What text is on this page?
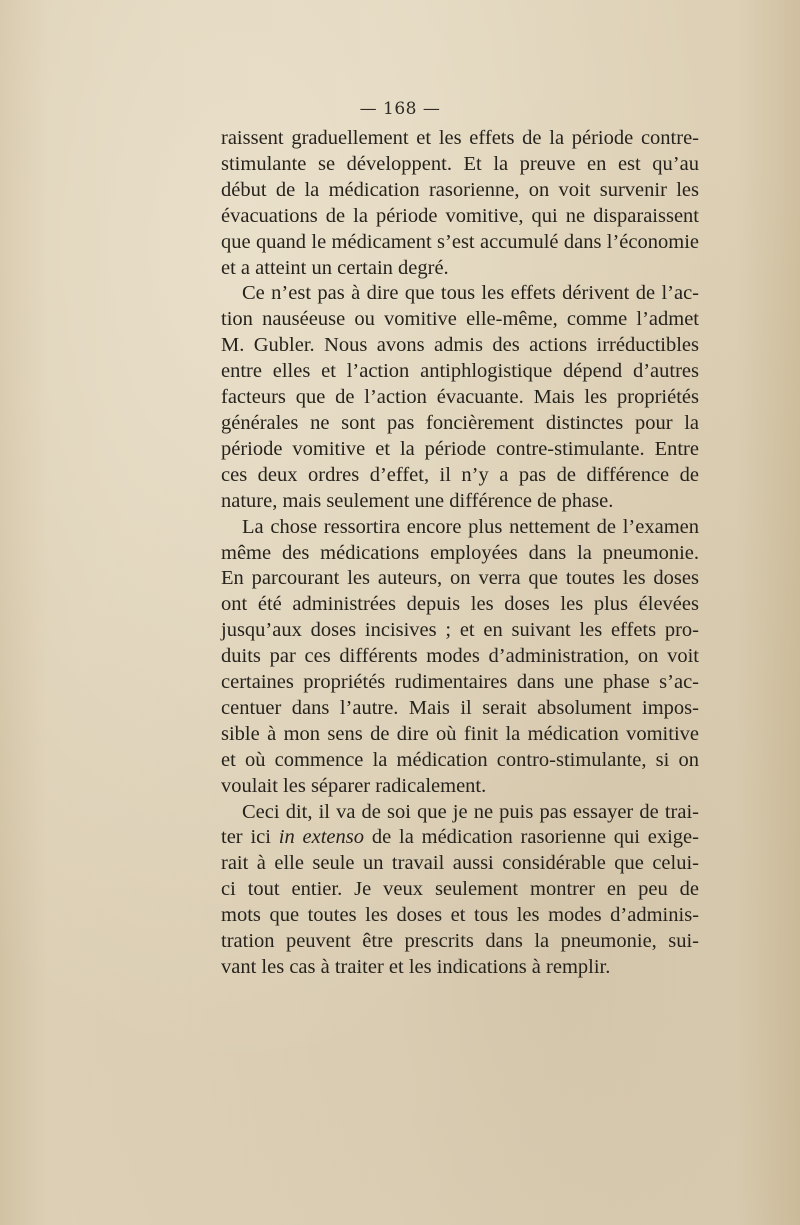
— 168 —

raissent graduellement et les effets de la période contre-
stimulante se développent. Et la preuve en est qu’au
début de la médication rasorienne, on voit survenir les
évacuations de la période vomitive, qui ne disparaissent
que quand le médicament s’est accumulé dans l’économie
et a atteint un certain degré.

Ce n’est pas à dire que tous les effets dérivent de l’ac-
tion nauséeuse ou vomitive elle-même, comme l’admet
M. Gubler. Nous avons admis des actions irréductibles
entre elles et l’action antiphlogistique dépend d’autres
facteurs que de l’action évacuante. Mais les propriétés
générales ne sont pas foncièrement distinctes pour la
période vomitive et la période contre-stimulante. Entre
ces deux ordres d’effet, il n’y a pas de différence de
nature, mais seulement une différence de phase.

La chose ressortira encore plus nettement de l’examen
même des médications employées dans la pneumonie.
En parcourant les auteurs, on verra que toutes les doses
ont été administrées depuis les doses les plus élevées
jusqu’aux doses incisives ; et en suivant les effets pro-
duits par ces différents modes d’administration, on voit
certaines propriétés rudimentaires dans une phase s’ac-
centuer dans l’autre. Mais il serait absolument impos-
sible à mon sens de dire où finit la médication vomitive
et où commence la médication contro-stimulante, si on
voulait les séparer radicalement.

Ceci dit, il va de soi que je ne puis pas essayer de trai-
ter ici in extenso de la médication rasorienne qui exige-
rait à elle seule un travail aussi considérable que celui-
ci tout entier. Je veux seulement montrer en peu de
mots que toutes les doses et tous les modes d’adminis-
tration peuvent être prescrits dans la pneumonie, sui-
vant les cas à traiter et les indications à remplir.
